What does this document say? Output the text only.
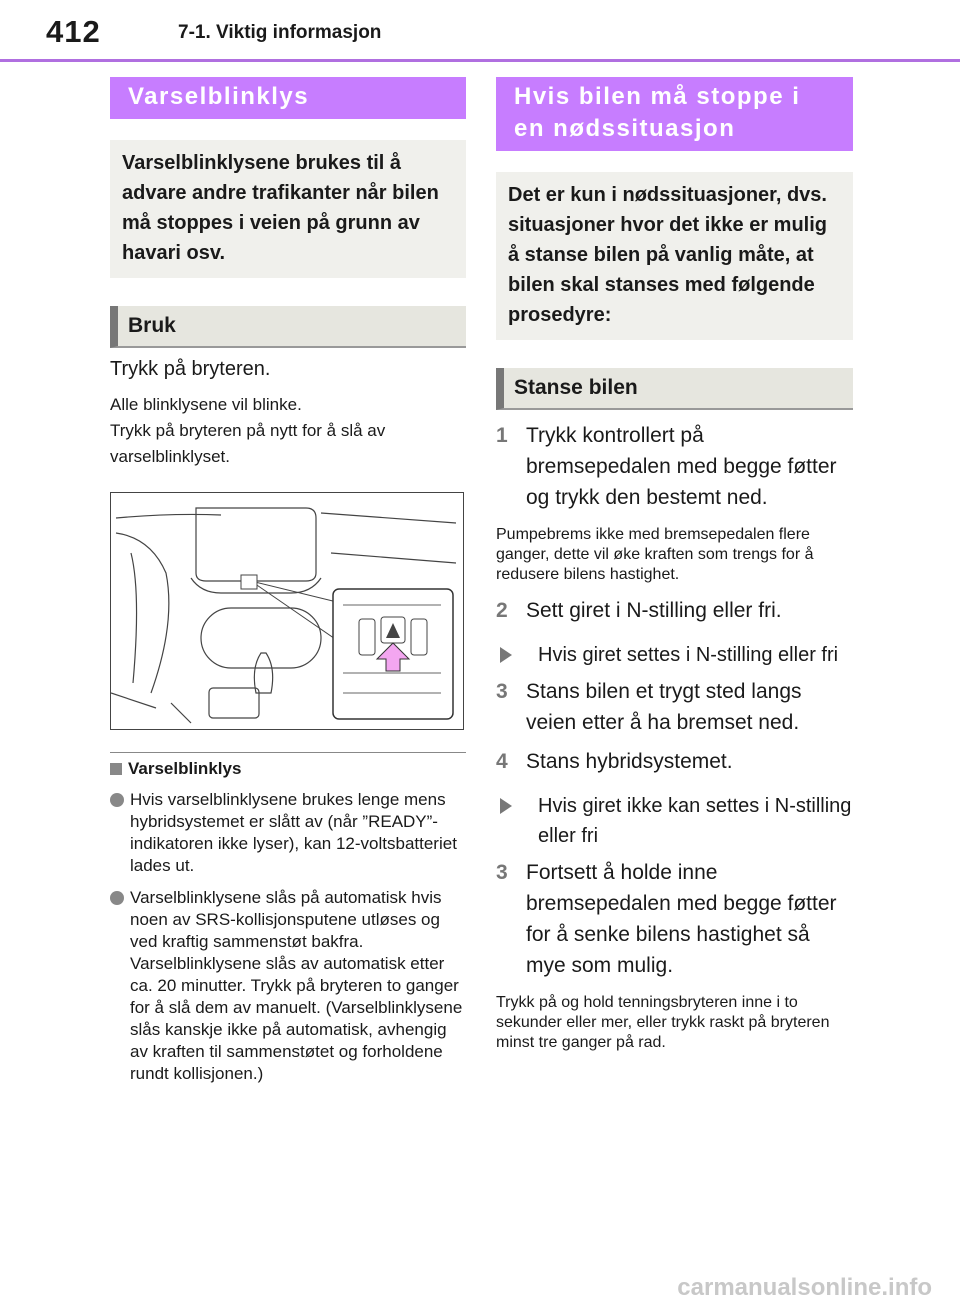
412	7-1. Viktig informasjon
Varselblinklys
Varselblinklysene brukes til å advare andre trafikanter når bilen må stoppes i veien på grunn av havari osv.
Bruk
Trykk på bryteren.
Alle blinklysene vil blinke.
Trykk på bryteren på nytt for å slå av varselblinklyset.
Varselblinklys
Hvis varselblinklysene brukes lenge mens hybridsystemet er slått av (når ”READY”-indikatoren ikke lyser), kan 12-voltsbatteriet lades ut.
Varselblinklysene slås på automatisk hvis noen av SRS-kollisjonsputene utløses og ved kraftig sammenstøt bakfra. Varselblinklysene slås av automatisk etter ca. 20 minutter. Trykk på bryteren to ganger for å slå dem av manuelt. (Varselblinklysene slås kanskje ikke på automatisk, avhengig av kraften til sammenstøtet og forholdene rundt kollisjonen.)
Hvis bilen må stoppe i en nødssituasjon
Det er kun i nødssituasjoner, dvs. situasjoner hvor det ikke er mulig å stanse bilen på vanlig måte, at bilen skal stanses med følgende prosedyre:
Stanse bilen
1 Trykk kontrollert på bremsepedalen med begge føtter og trykk den bestemt ned.
Pumpebrems ikke med bremsepedalen flere ganger, dette vil øke kraften som trengs for å redusere bilens hastighet.
2 Sett giret i N-stilling eller fri.
Hvis giret settes i N-stilling eller fri
3 Stans bilen et trygt sted langs veien etter å ha bremset ned.
4 Stans hybridsystemet.
Hvis giret ikke kan settes i N-stilling eller fri
3 Fortsett å holde inne bremsepedalen med begge føtter for å senke bilens hastighet så mye som mulig.
Trykk på og hold tenningsbryteren inne i to sekunder eller mer, eller trykk raskt på bryteren minst tre ganger på rad.
carmanualsonline.info
